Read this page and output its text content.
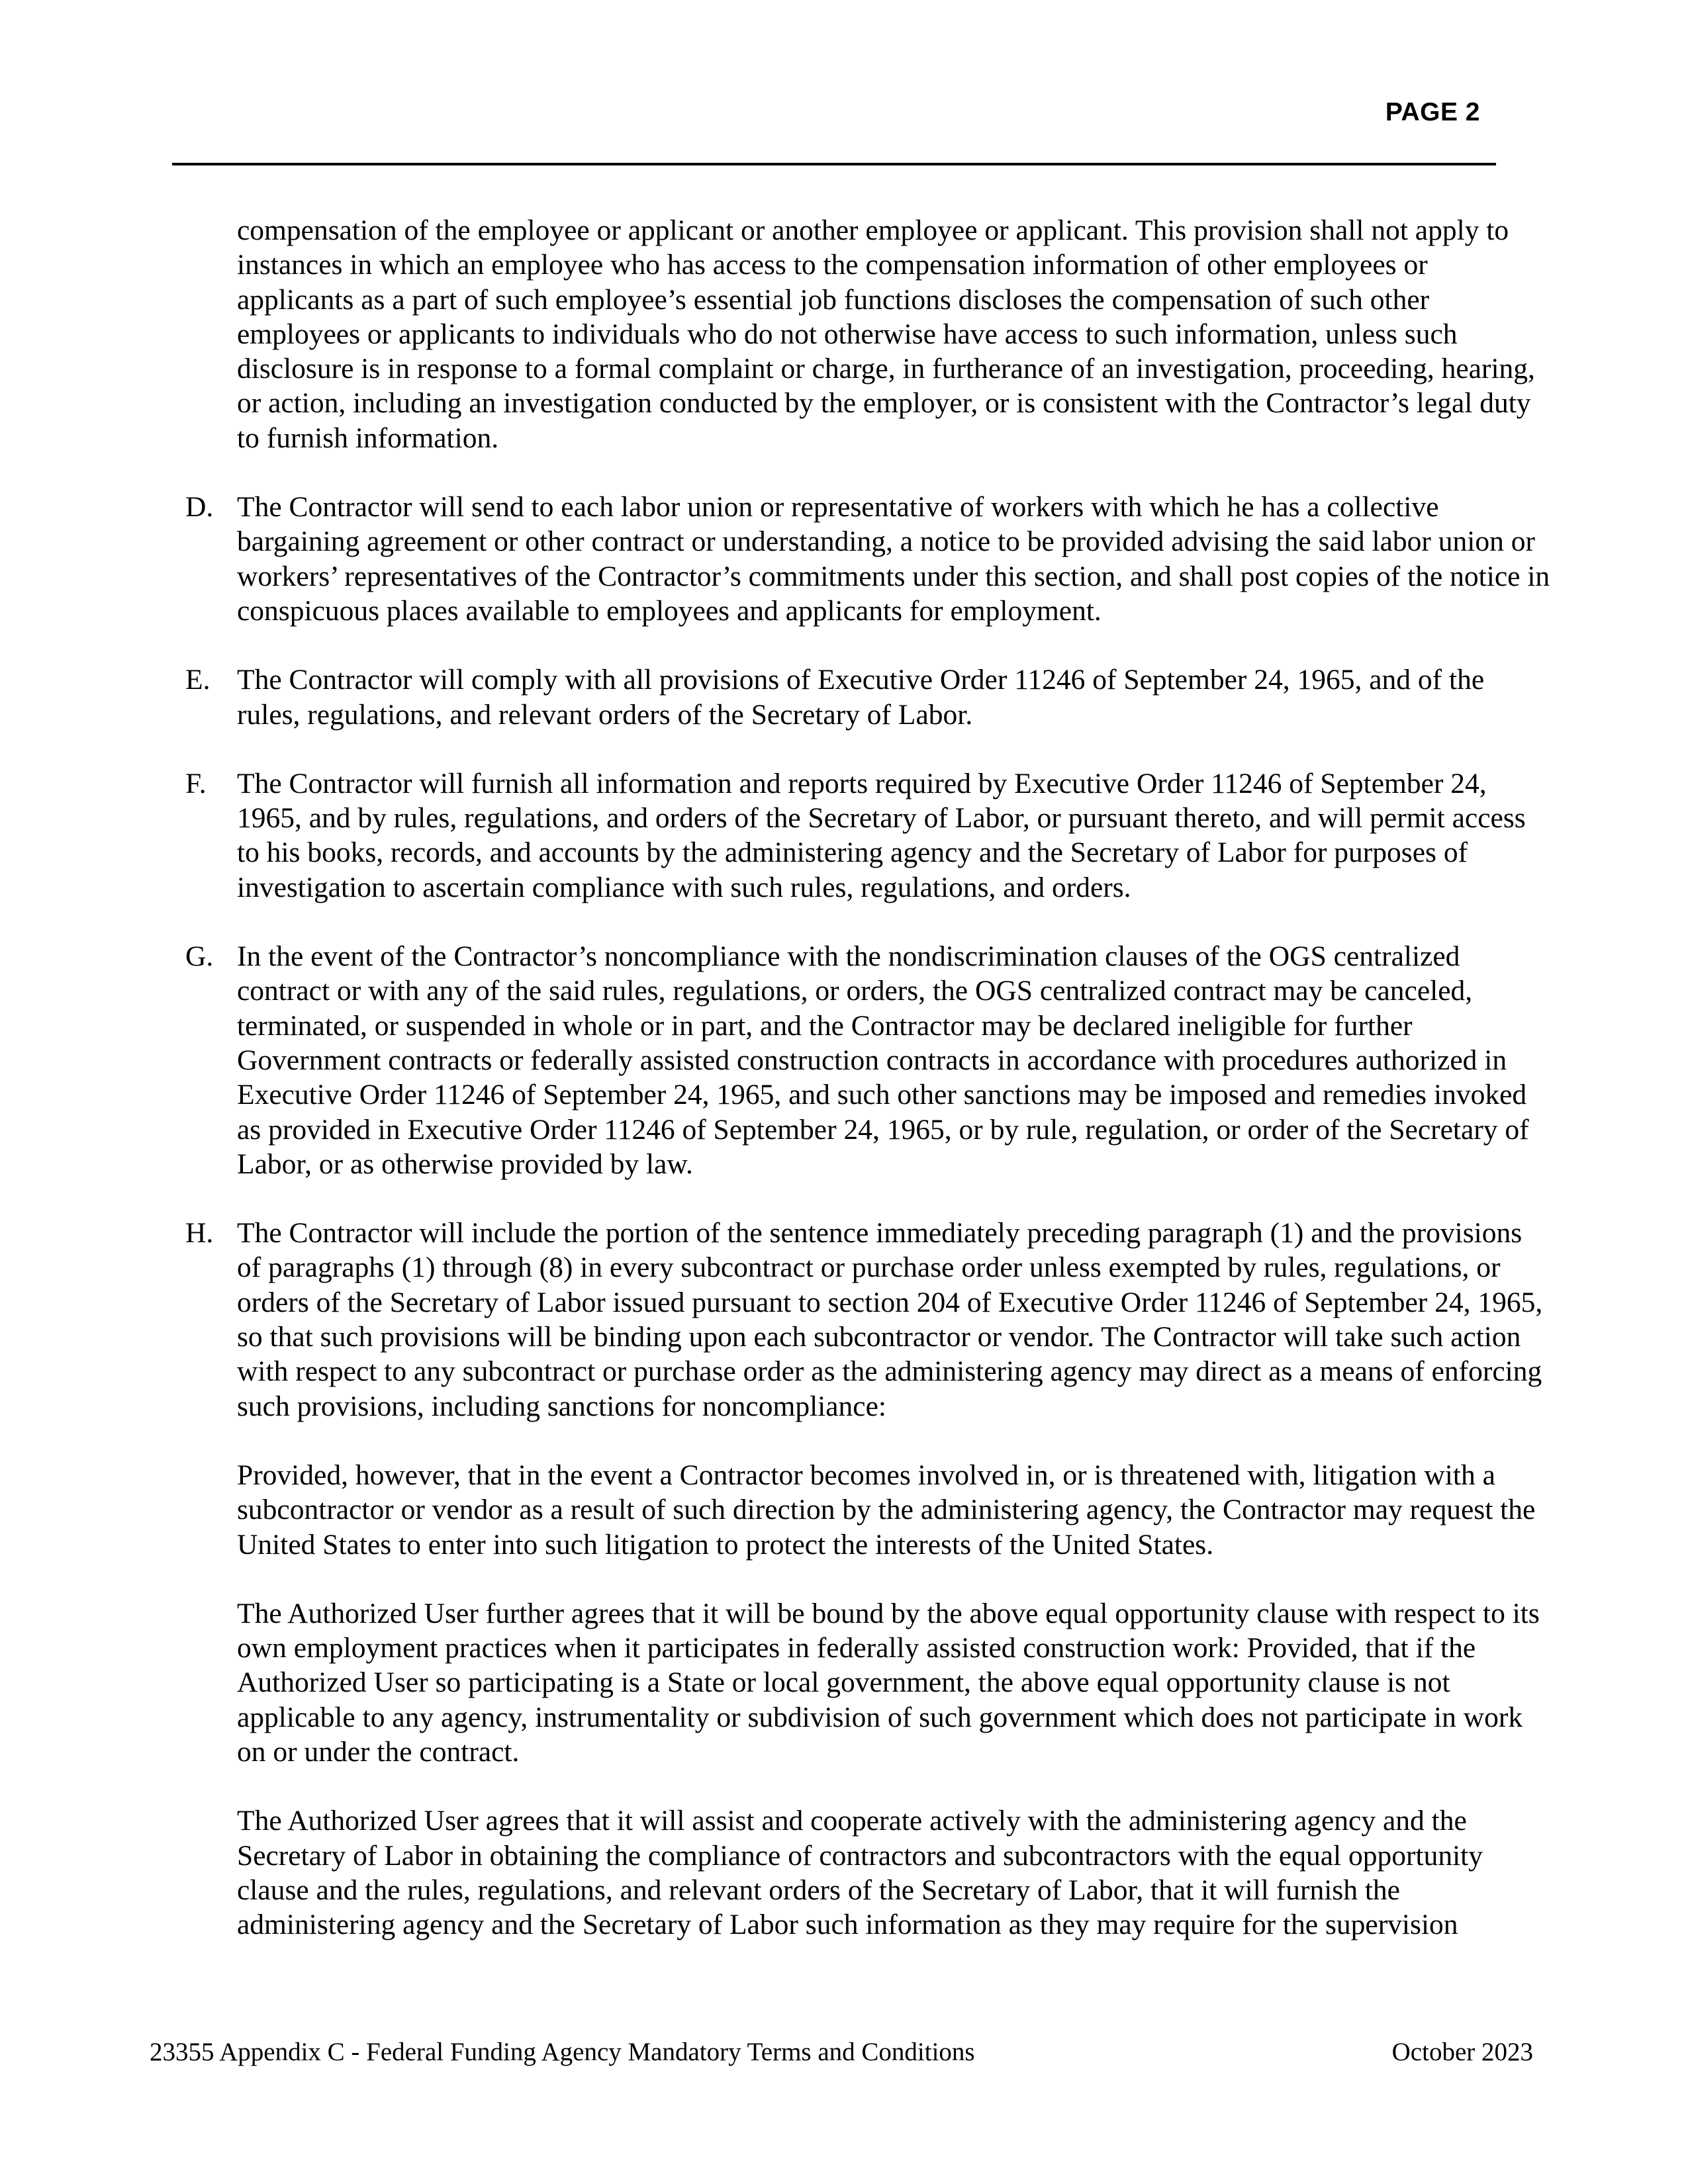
PAGE 2
compensation of the employee or applicant or another employee or applicant. This provision shall not apply to instances in which an employee who has access to the compensation information of other employees or applicants as a part of such employee’s essential job functions discloses the compensation of such other employees or applicants to individuals who do not otherwise have access to such information, unless such disclosure is in response to a formal complaint or charge, in furtherance of an investigation, proceeding, hearing, or action, including an investigation conducted by the employer, or is consistent with the Contractor’s legal duty to furnish information.
D. The Contractor will send to each labor union or representative of workers with which he has a collective bargaining agreement or other contract or understanding, a notice to be provided advising the said labor union or workers’ representatives of the Contractor’s commitments under this section, and shall post copies of the notice in conspicuous places available to employees and applicants for employment.
E. The Contractor will comply with all provisions of Executive Order 11246 of September 24, 1965, and of the rules, regulations, and relevant orders of the Secretary of Labor.
F. The Contractor will furnish all information and reports required by Executive Order 11246 of September 24, 1965, and by rules, regulations, and orders of the Secretary of Labor, or pursuant thereto, and will permit access to his books, records, and accounts by the administering agency and the Secretary of Labor for purposes of investigation to ascertain compliance with such rules, regulations, and orders.
G. In the event of the Contractor’s noncompliance with the nondiscrimination clauses of the OGS centralized contract or with any of the said rules, regulations, or orders, the OGS centralized contract may be canceled, terminated, or suspended in whole or in part, and the Contractor may be declared ineligible for further Government contracts or federally assisted construction contracts in accordance with procedures authorized in Executive Order 11246 of September 24, 1965, and such other sanctions may be imposed and remedies invoked as provided in Executive Order 11246 of September 24, 1965, or by rule, regulation, or order of the Secretary of Labor, or as otherwise provided by law.
H. The Contractor will include the portion of the sentence immediately preceding paragraph (1) and the provisions of paragraphs (1) through (8) in every subcontract or purchase order unless exempted by rules, regulations, or orders of the Secretary of Labor issued pursuant to section 204 of Executive Order 11246 of September 24, 1965, so that such provisions will be binding upon each subcontractor or vendor. The Contractor will take such action with respect to any subcontract or purchase order as the administering agency may direct as a means of enforcing such provisions, including sanctions for noncompliance:
Provided, however, that in the event a Contractor becomes involved in, or is threatened with, litigation with a subcontractor or vendor as a result of such direction by the administering agency, the Contractor may request the United States to enter into such litigation to protect the interests of the United States.
The Authorized User further agrees that it will be bound by the above equal opportunity clause with respect to its own employment practices when it participates in federally assisted construction work: Provided, that if the Authorized User so participating is a State or local government, the above equal opportunity clause is not applicable to any agency, instrumentality or subdivision of such government which does not participate in work on or under the contract.
The Authorized User agrees that it will assist and cooperate actively with the administering agency and the Secretary of Labor in obtaining the compliance of contractors and subcontractors with the equal opportunity clause and the rules, regulations, and relevant orders of the Secretary of Labor, that it will furnish the administering agency and the Secretary of Labor such information as they may require for the supervision
23355 Appendix C - Federal Funding Agency Mandatory Terms and Conditions	October 2023
